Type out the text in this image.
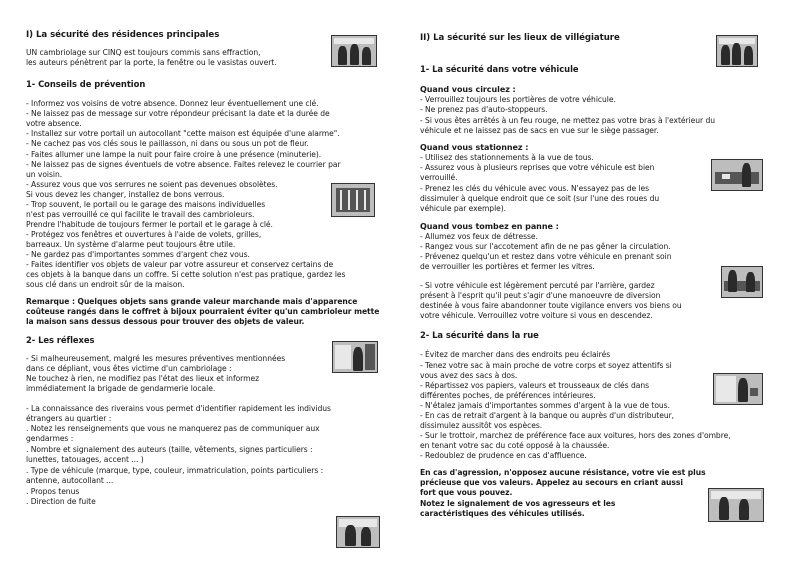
I) La sécurité des résidences principales
UN cambriolage sur CINQ est toujours commis sans effraction,
les auteurs pénètrent par la porte, la fenêtre ou le vasistas ouvert.
1- Conseils de prévention
- Informez vos voisins de votre absence. Donnez leur éventuellement une clé.
- Ne laissez pas de message sur votre répondeur précisant la date et la durée de
votre absence.
- Installez sur votre portail un autocollant "cette maison est équipée d'une alarme".
- Ne cachez pas vos clés sous le paillasson, ni dans ou sous un pot de fleur.
- Faites allumer une lampe la nuit pour faire croire à une présence (minuterie).
- Ne laissez pas de signes éventuels de votre absence. Faites relevez le courrier par
un voisin.
- Assurez vous que vos serrures ne soient pas devenues obsolètes.
Si vous devez les changer, installez de bons verrous.
- Trop souvent, le portail ou le garage des maisons individuelles
n'est pas verrouillé ce qui facilite le travail des cambrioleurs.
Prendre l'habitude de toujours fermer le portail et le garage à clé.
- Protégez vos fenêtres et ouvertures à l'aide de volets, grilles,
barreaux. Un système d'alarme peut toujours être utile.
- Ne gardez pas d'importantes sommes d'argent chez vous.
- Faites identifier vos objets de valeur par votre assureur et conservez certains de
ces objets à la banque dans un coffre. Si cette solution n'est pas pratique, gardez les
sous clé dans un endroit sûr de la maison.
Remarque : Quelques objets sans grande valeur marchande mais d'apparence
coûteuse rangés dans le coffret à bijoux pourraient éviter qu'un cambrioleur mette
la maison sans dessus dessous pour trouver des objets de valeur.
2- Les réflexes
- Si malheureusement, malgré les mesures préventives mentionnées
dans ce dépliant, vous êtes victime d'un cambriolage :
Ne touchez à rien, ne modifiez pas l'état des lieux et informez
immédiatement la brigade de gendarmerie locale.
- La connaissance des riverains vous permet d'identifier rapidement les individus
étrangers au quartier :
. Notez les renseignements que vous ne manquerez pas de communiquer aux
gendarmes :
. Nombre et signalement des auteurs (taille, vêtements, signes particuliers :
lunettes, tatouages, accent ... )
. Type de véhicule (marque, type, couleur, immatriculation, points particuliers :
antenne, autocollant ...
. Propos tenus
. Direction de fuite
II) La sécurité sur les lieux de villégiature
1- La sécurité dans votre véhicule
Quand vous circulez :
- Verrouillez toujours les portières de votre véhicule.
- Ne prenez pas d'auto-stoppeurs.
- Si vous êtes arrêtés à un feu rouge, ne mettez pas votre bras à l'extérieur du
véhicule et ne laissez pas de sacs en vue sur le siège passager.
Quand vous stationnez :
- Utilisez des stationnements à la vue de tous.
- Assurez vous à plusieurs reprises que votre véhicule est bien
verrouillé.
- Prenez les clés du véhicule avec vous. N'essayez pas de les
dissimuler à quelque endroit que ce soit (sur l'une des roues du
véhicule par exemple).
Quand vous tombez en panne :
- Allumez vos feux de détresse.
- Rangez vous sur l'accotement afin de ne pas gêner la circulation.
- Prévenez quelqu'un et restez dans votre véhicule en prenant soin
de verrouiller les portières et fermer les vitres.
- Si votre véhicule est légèrement percuté par l'arrière, gardez
présent à l'esprit qu'il peut s'agir d'une manoeuvre de diversion
destinée à vous faire abandonner toute vigilance envers vos biens ou
votre véhicule. Verrouillez votre voiture si vous en descendez.
2- La sécurité dans la rue
- Évitez de marcher dans des endroits peu éclairés
- Tenez votre sac à main proche de votre corps et soyez attentifs si
vous avez des sacs à dos.
- Répartissez vos papiers, valeurs et trousseaux de clés dans
différentes poches, de préférences intérieures.
- N'étalez jamais d'importantes sommes d'argent à la vue de tous.
- En cas de retrait d'argent à la banque ou auprès d'un distributeur,
dissimulez aussitôt vos espèces.
- Sur le trottoir, marchez de préférence face aux voitures, hors des zones d'ombre,
en tenant votre sac du coté opposé à la chaussée.
- Redoublez de prudence en cas d'affluence.
En cas d'agression, n'opposez aucune résistance, votre vie est plus
précieuse que vos valeurs. Appelez au secours en criant aussi
fort que vous pouvez.
Notez le signalement de vos agresseurs et les
caractéristiques des véhicules utilisés.
